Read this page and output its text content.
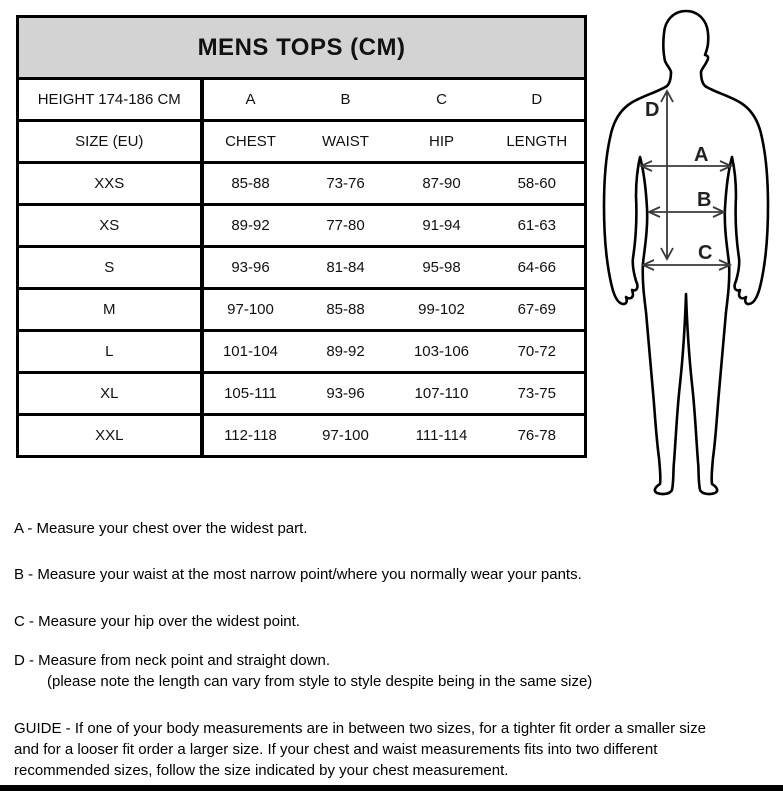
MENS TOPS (CM)				
HEIGHT 174-186 CM	A	B	C	D
SIZE (EU)	CHEST	WAIST	HIP	LENGTH
XXS	85-88	73-76	87-90	58-60
XS	89-92	77-80	91-94	61-63
S	93-96	81-84	95-98	64-66
M	97-100	85-88	99-102	67-69
L	101-104	89-92	103-106	70-72
XL	105-111	93-96	107-110	73-75
XXL	112-118	97-100	111-114	76-78
D
A
B
C
A - Measure your chest over the widest part.
B - Measure your waist at the most narrow point/where you normally wear your pants.
C - Measure your hip over the widest point.
D - Measure from neck point and straight down.
(please note the length can vary from style to style despite being in the same size)
GUIDE - If one of your body measurements are in between two sizes, for a tighter fit order a smaller size and for a looser fit order a larger size. If your chest and waist measurements fits into two different recommended sizes, follow the size indicated by your chest measurement.
